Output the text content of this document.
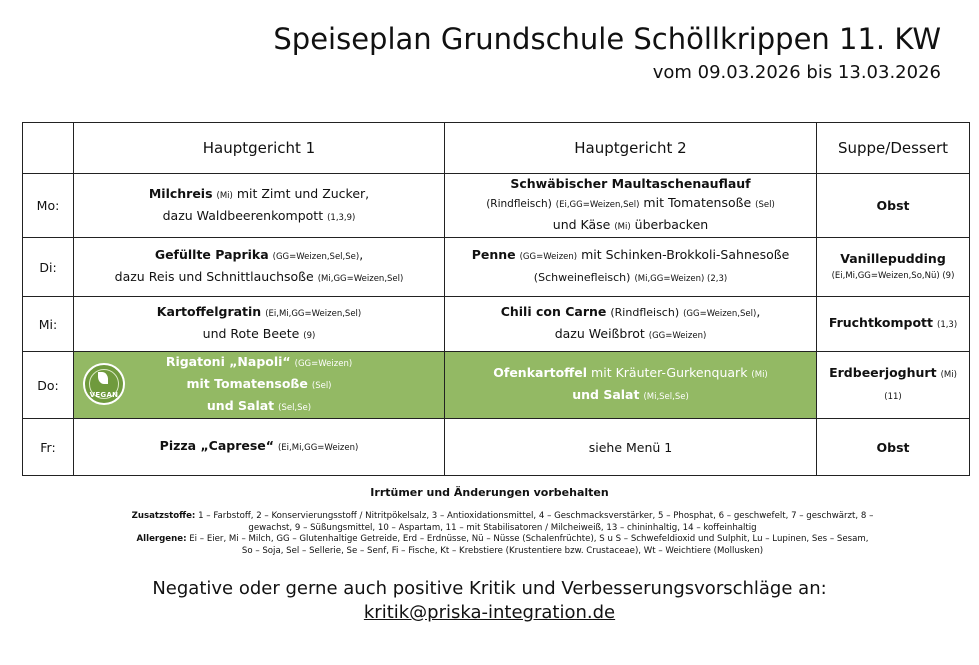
Speiseplan Grundschule Schöllkrippen 11. KW
vom 09.03.2026 bis 13.03.2026
	Hauptgericht 1	Hauptgericht 2	Suppe/Dessert
Mo:	Milchreis (Mi) mit Zimt und Zucker,
dazu Waldbeerenkompott (1,3,9)	Schwäbischer Maultaschenauflauf
(Rindfleisch) (Ei,GG=Weizen,Sel) mit Tomatensoße (Sel)
und Käse (Mi) überbacken	Obst
Di:	Gefüllte Paprika (GG=Weizen,Sel,Se),
dazu Reis und Schnittlauchsoße (Mi,GG=Weizen,Sel)	Penne (GG=Weizen) mit Schinken-Brokkoli-Sahnesoße
(Schweinefleisch) (Mi,GG=Weizen) (2,3)	Vanillepudding
(Ei,Mi,GG=Weizen,So,Nü) (9)
Mi:	Kartoffelgratin (Ei,Mi,GG=Weizen,Sel)
und Rote Beete (9)	Chili con Carne (Rindfleisch) (GG=Weizen,Sel),
dazu Weißbrot (GG=Weizen)	Fruchtkompott (1,3)
Do:	VEGAN
Rigatoni „Napoli“ (GG=Weizen)
mit Tomatensoße (Sel)
und Salat (Sel,Se)	Ofenkartoffel mit Kräuter-Gurkenquark (Mi)
und Salat (Mi,Sel,Se)	Erdbeerjoghurt (Mi) (11)
Fr:	Pizza „Caprese“ (Ei,Mi,GG=Weizen)	siehe Menü 1	Obst
Irrtümer und Änderungen vorbehalten
Zusatzstoffe: 1 – Farbstoff, 2 – Konservierungsstoff / Nitritpökelsalz, 3 – Antioxidationsmittel, 4 – Geschmacksverstärker, 5 – Phosphat, 6 – geschwefelt, 7 – geschwärzt, 8 – gewachst, 9 – Süßungsmittel, 10 – Aspartam, 11 – mit Stabilisatoren / Milcheiweiß, 13 – chininhaltig, 14 – koffeinhaltig
Allergene: Ei – Eier, Mi – Milch, GG – Glutenhaltige Getreide, Erd – Erdnüsse, Nü – Nüsse (Schalenfrüchte), S u S – Schwefeldioxid und Sulphit, Lu – Lupinen, Ses – Sesam, So – Soja, Sel – Sellerie, Se – Senf, Fi – Fische, Kt – Krebstiere (Krustentiere bzw. Crustaceae), Wt – Weichtiere (Mollusken)
Negative oder gerne auch positive Kritik und Verbesserungsvorschläge an:
kritik@priska-integration.de
